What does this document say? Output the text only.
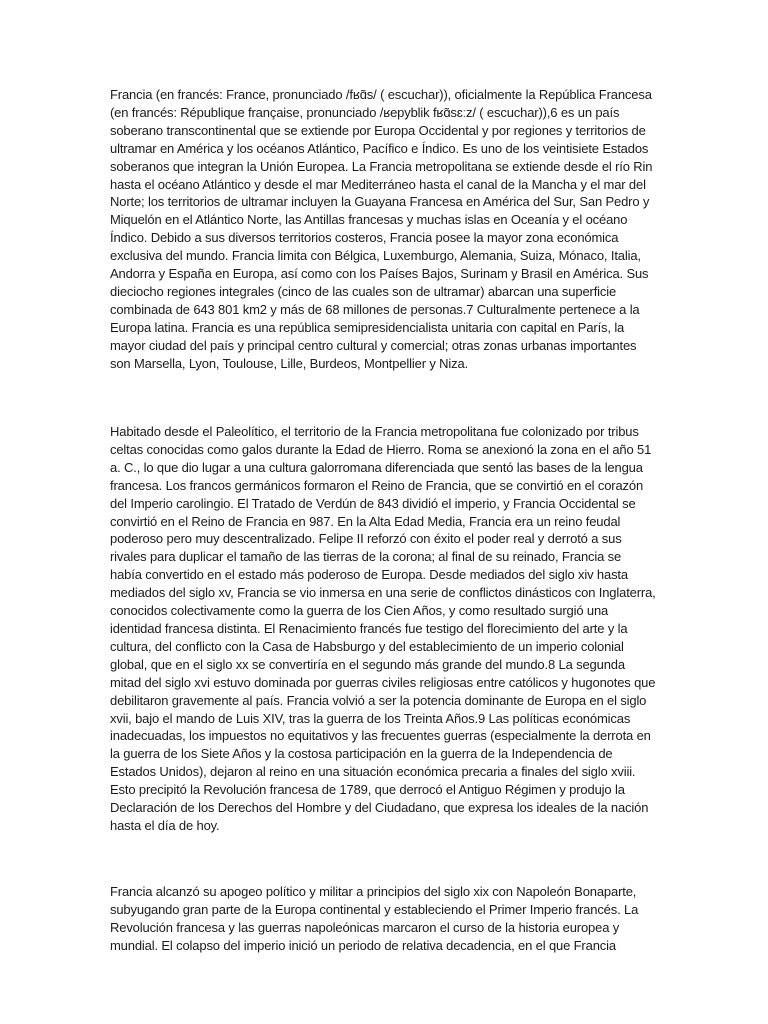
Francia (en francés: France, pronunciado /fʁɑ̃s/ ( escuchar)), oficialmente la República Francesa (en francés: République française, pronunciado /ʁepyblik fʁɑ̃sɛːz/ ( escuchar)),6 es un país soberano transcontinental que se extiende por Europa Occidental y por regiones y territorios de ultramar en América y los océanos Atlántico, Pacífico e Índico. Es uno de los veintisiete Estados soberanos que integran la Unión Europea. La Francia metropolitana se extiende desde el río Rin hasta el océano Atlántico y desde el mar Mediterráneo hasta el canal de la Mancha y el mar del Norte; los territorios de ultramar incluyen la Guayana Francesa en América del Sur, San Pedro y Miquelón en el Atlántico Norte, las Antillas francesas y muchas islas en Oceanía y el océano Índico. Debido a sus diversos territorios costeros, Francia posee la mayor zona económica exclusiva del mundo. Francia limita con Bélgica, Luxemburgo, Alemania, Suiza, Mónaco, Italia, Andorra y España en Europa, así como con los Países Bajos, Surinam y Brasil en América. Sus dieciocho regiones integrales (cinco de las cuales son de ultramar) abarcan una superficie combinada de 643 801 km2 y más de 68 millones de personas.7 Culturalmente pertenece a la Europa latina. Francia es una república semipresidencialista unitaria con capital en París, la mayor ciudad del país y principal centro cultural y comercial; otras zonas urbanas importantes son Marsella, Lyon, Toulouse, Lille, Burdeos, Montpellier y Niza.

Habitado desde el Paleolítico, el territorio de la Francia metropolitana fue colonizado por tribus celtas conocidas como galos durante la Edad de Hierro. Roma se anexionó la zona en el año 51 a. C., lo que dio lugar a una cultura galorromana diferenciada que sentó las bases de la lengua francesa. Los francos germánicos formaron el Reino de Francia, que se convirtió en el corazón del Imperio carolingio. El Tratado de Verdún de 843 dividió el imperio, y Francia Occidental se convirtió en el Reino de Francia en 987. En la Alta Edad Media, Francia era un reino feudal poderoso pero muy descentralizado. Felipe II reforzó con éxito el poder real y derrotó a sus rivales para duplicar el tamaño de las tierras de la corona; al final de su reinado, Francia se había convertido en el estado más poderoso de Europa. Desde mediados del siglo xiv hasta mediados del siglo xv, Francia se vio inmersa en una serie de conflictos dinásticos con Inglaterra, conocidos colectivamente como la guerra de los Cien Años, y como resultado surgió una identidad francesa distinta. El Renacimiento francés fue testigo del florecimiento del arte y la cultura, del conflicto con la Casa de Habsburgo y del establecimiento de un imperio colonial global, que en el siglo xx se convertiría en el segundo más grande del mundo.8 La segunda mitad del siglo xvi estuvo dominada por guerras civiles religiosas entre católicos y hugonotes que debilitaron gravemente al país. Francia volvió a ser la potencia dominante de Europa en el siglo xvii, bajo el mando de Luis XIV, tras la guerra de los Treinta Años.9 Las políticas económicas inadecuadas, los impuestos no equitativos y las frecuentes guerras (especialmente la derrota en la guerra de los Siete Años y la costosa participación en la guerra de la Independencia de Estados Unidos), dejaron al reino en una situación económica precaria a finales del siglo xviii. Esto precipitó la Revolución francesa de 1789, que derrocó el Antiguo Régimen y produjo la Declaración de los Derechos del Hombre y del Ciudadano, que expresa los ideales de la nación hasta el día de hoy.

Francia alcanzó su apogeo político y militar a principios del siglo xix con Napoleón Bonaparte, subyugando gran parte de la Europa continental y estableciendo el Primer Imperio francés. La Revolución francesa y las guerras napoleónicas marcaron el curso de la historia europea y mundial. El colapso del imperio inició un periodo de relativa decadencia, en el que Francia
